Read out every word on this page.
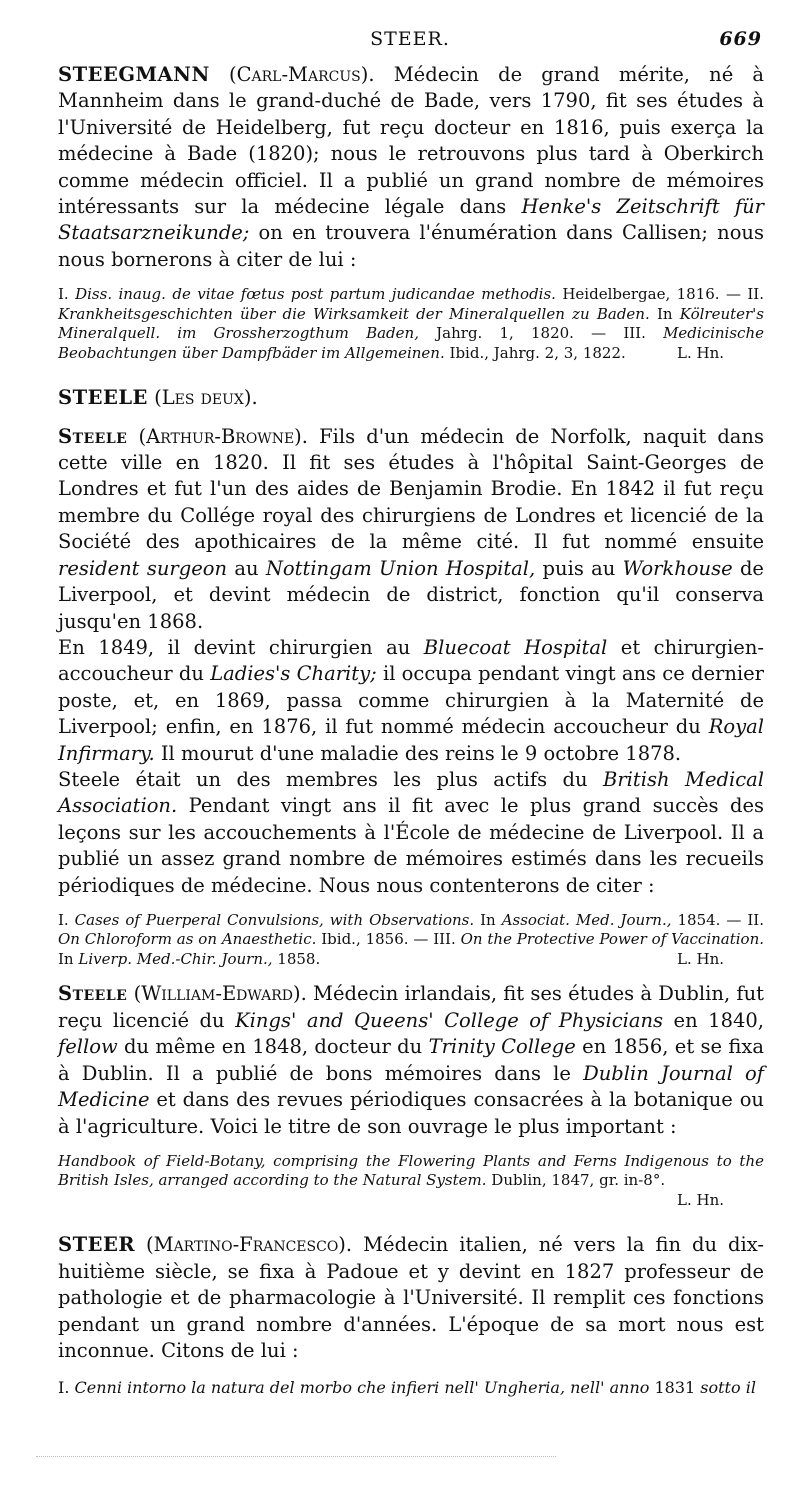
STEER.	669

STEEGMANN (Carl-Marcus). Médecin de grand mérite, né à Mannheim dans le grand-duché de Bade, vers 1790, fit ses études à l'Université de Heidelberg, fut reçu docteur en 1816, puis exerça la médecine à Bade (1820); nous le retrouvons plus tard à Oberkirch comme médecin officiel. Il a publié un grand nombre de mémoires intéressants sur la médecine légale dans Henke's Zeitschrift für Staatsarzneikunde; on en trouvera l'énumération dans Callisen; nous nous bornerons à citer de lui :

I. Diss. inaug. de vitae fœtus post partum judicandae methodis. Heidelbergae, 1816. — II. Krankheitsgeschichten über die Wirksamkeit der Mineralquellen zu Baden. In Kölreuter's Mineralquell. im Grossherzogthum Baden, Jahrg. 1, 1820. — III. Medicinische Beobachtungen über Dampfbäder im Allgemeinen. Ibid., Jahrg. 2, 3, 1822.	L. Hn.

STEELE (Les deux).

Steele (Arthur-Browne). Fils d'un médecin de Norfolk, naquit dans cette ville en 1820. Il fit ses études à l'hôpital Saint-Georges de Londres et fut l'un des aides de Benjamin Brodie. En 1842 il fut reçu membre du Collége royal des chirurgiens de Londres et licencié de la Société des apothicaires de la même cité. Il fut nommé ensuite resident surgeon au Nottingam Union Hospital, puis au Workhouse de Liverpool, et devint médecin de district, fonction qu'il conserva jusqu'en 1868.

En 1849, il devint chirurgien au Bluecoat Hospital et chirurgien-accoucheur du Ladies's Charity; il occupa pendant vingt ans ce dernier poste, et, en 1869, passa comme chirurgien à la Maternité de Liverpool; enfin, en 1876, il fut nommé médecin accoucheur du Royal Infirmary. Il mourut d'une maladie des reins le 9 octobre 1878.

Steele était un des membres les plus actifs du British Medical Association. Pendant vingt ans il fit avec le plus grand succès des leçons sur les accouchements à l'École de médecine de Liverpool. Il a publié un assez grand nombre de mémoires estimés dans les recueils périodiques de médecine. Nous nous contenterons de citer :

I. Cases of Puerperal Convulsions, with Observations. In Associat. Med. Journ., 1854. — II. On Chloroform as on Anaesthetic. Ibid., 1856. — III. On the Protective Power of Vaccination. In Liverp. Med.-Chir. Journ., 1858.	L. Hn.

Steele (William-Edward). Médecin irlandais, fit ses études à Dublin, fut reçu licencié du Kings' and Queens' College of Physicians en 1840, fellow du même en 1848, docteur du Trinity College en 1856, et se fixa à Dublin. Il a publié de bons mémoires dans le Dublin Journal of Medicine et dans des revues périodiques consacrées à la botanique ou à l'agriculture. Voici le titre de son ouvrage le plus important :

Handbook of Field-Botany, comprising the Flowering Plants and Ferns Indigenous to the British Isles, arranged according to the Natural System. Dublin, 1847, gr. in-8°.

L. Hn.

STEER (Martino-Francesco). Médecin italien, né vers la fin du dix-huitième siècle, se fixa à Padoue et y devint en 1827 professeur de pathologie et de pharmacologie à l'Université. Il remplit ces fonctions pendant un grand nombre d'années. L'époque de sa mort nous est inconnue. Citons de lui :

I. Cenni intorno la natura del morbo che infieri nell' Ungheria, nell' anno 1831 sotto il
